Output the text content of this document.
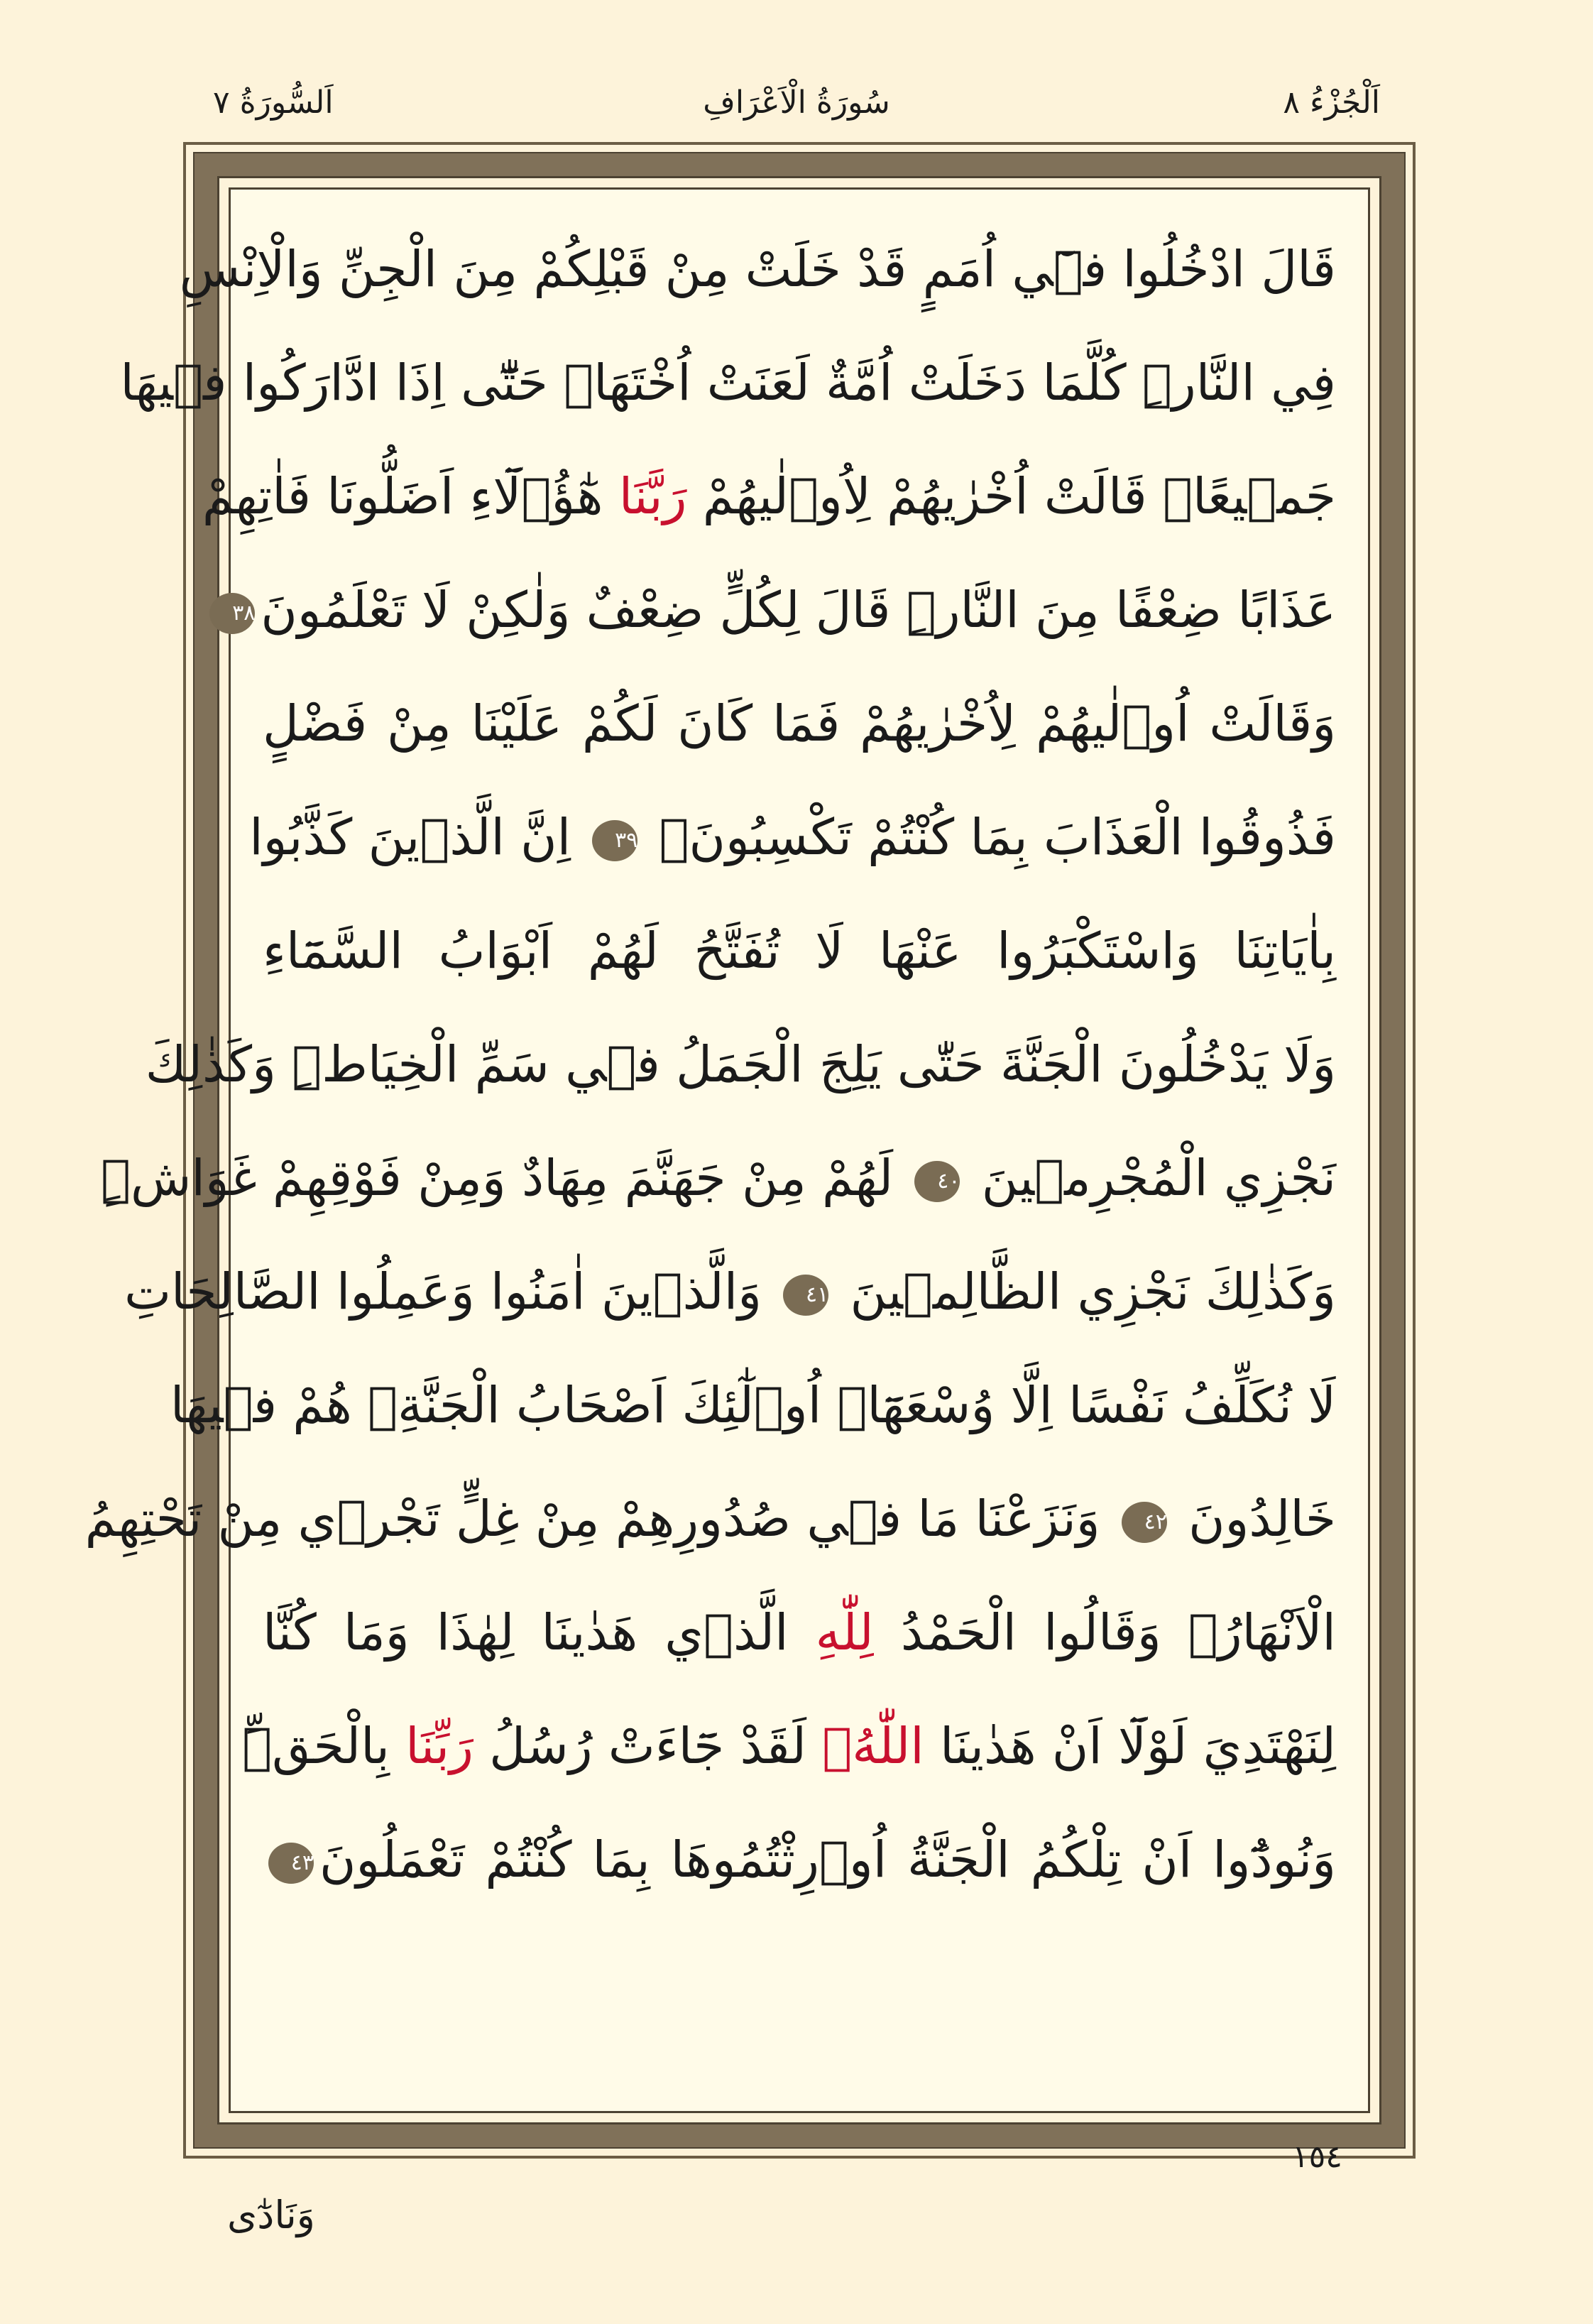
اَلْجُزْءُ ٨
سُورَةُ الْاَعْرَافِ
اَلسُّورَةُ ٧
قَالَ ادْخُلُوا ف۪ٓي اُمَمٍ قَدْ خَلَتْ مِنْ قَبْلِكُمْ مِنَ الْجِنِّ وَالْاِنْسِ
فِي النَّارِۜ كُلَّمَا دَخَلَتْ اُمَّةٌ لَعَنَتْ اُخْتَهَاۜ حَتّٰٓى اِذَا ادَّارَكُوا ف۪يهَا
جَم۪يعًاۙ قَالَتْ اُخْرٰيهُمْ لِاُو۫لٰيهُمْ رَبَّنَا هٰٓؤُ۬لَٓاءِ اَضَلُّونَا فَاٰتِهِمْ
عَذَابًا ضِعْفًا مِنَ النَّارِۜ قَالَ لِكُلٍّ ضِعْفٌ وَلٰكِنْ لَا تَعْلَمُونَ٣٨
وَقَالَتْ اُو۫لٰيهُمْ لِاُخْرٰيهُمْ فَمَا كَانَ لَكُمْ عَلَيْنَا مِنْ فَضْلٍ
فَذُوقُوا الْعَذَابَ بِمَا كُنْتُمْ تَكْسِبُونَ۟ ٣٩ اِنَّ الَّذ۪ينَ كَذَّبُوا
بِاٰيَاتِنَا وَاسْتَكْبَرُوا عَنْهَا لَا تُفَتَّحُ لَهُمْ اَبْوَابُ السَّمَٓاءِ
وَلَا يَدْخُلُونَ الْجَنَّةَ حَتّٰى يَلِجَ الْجَمَلُ ف۪ي سَمِّ الْخِيَاطِۜ وَكَذٰلِكَ
نَجْزِي الْمُجْرِم۪ينَ ٤٠ لَهُمْ مِنْ جَهَنَّمَ مِهَادٌ وَمِنْ فَوْقِهِمْ غَوَاشٍۜ
وَكَذٰلِكَ نَجْزِي الظَّالِم۪ينَ ٤١ وَالَّذ۪ينَ اٰمَنُوا وَعَمِلُوا الصَّالِحَاتِ
لَا نُكَلِّفُ نَفْسًا اِلَّا وُسْعَهَٓاۘ اُو۬لٰٓئِكَ اَصْحَابُ الْجَنَّةِۚ هُمْ ف۪يهَا
خَالِدُونَ ٤٢ وَنَزَعْنَا مَا ف۪ي صُدُورِهِمْ مِنْ غِلٍّ تَجْر۪ي مِنْ تَحْتِهِمُ
الْاَنْهَارُۚ وَقَالُوا الْحَمْدُ لِلّٰهِ الَّذ۪ي هَدٰينَا لِهٰذَا وَمَا كُنَّا
لِنَهْتَدِيَ لَوْلَٓا اَنْ هَدٰينَا اللّٰهُۚ لَقَدْ جَٓاءَتْ رُسُلُ رَبِّنَا بِالْحَقِّۜ
وَنُودُٓوا اَنْ تِلْكُمُ الْجَنَّةُ اُو۫رِثْتُمُوهَا بِمَا كُنْتُمْ تَعْمَلُونَ٤٣
١٥٤
وَنَادٰٓى
